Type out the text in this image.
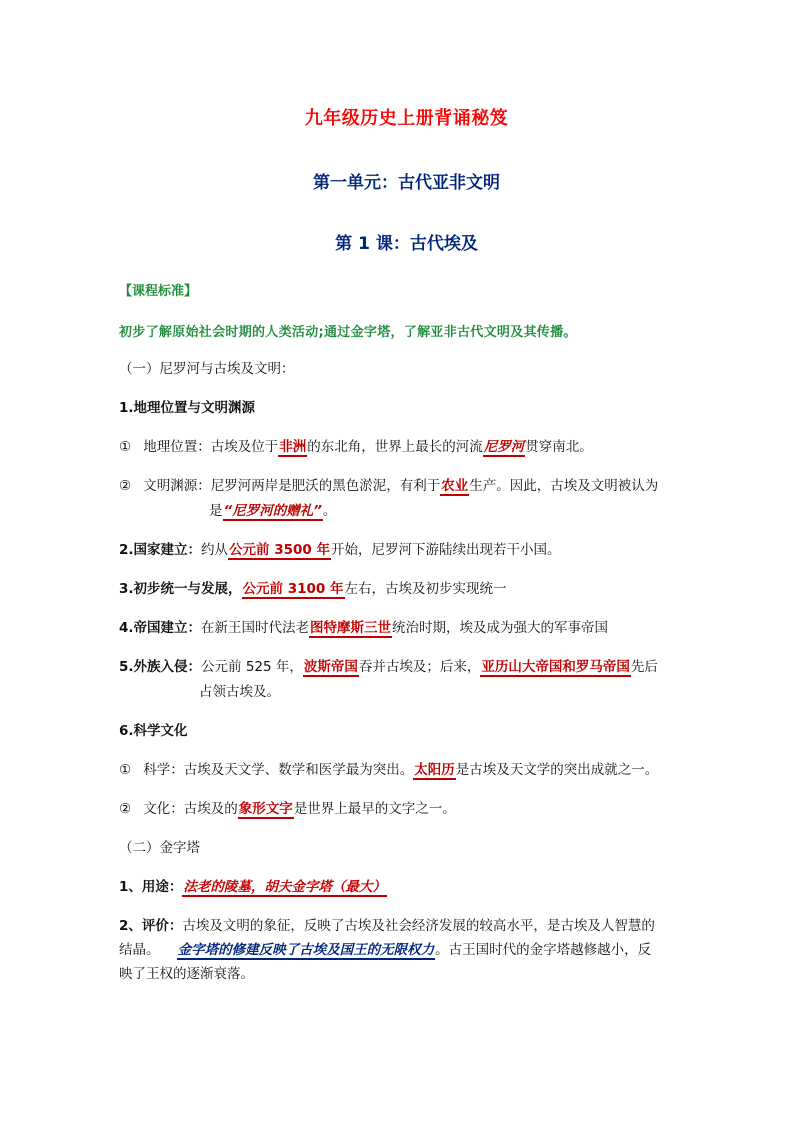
九年级历史上册背诵秘笈
第一单元：古代亚非文明
第 1 课：古代埃及
【课程标准】
初步了解原始社会时期的人类活动;通过金字塔，了解亚非古代文明及其传播。
（一）尼罗河与古埃及文明：
1.地理位置与文明渊源
① 地理位置：古埃及位于非洲的东北角，世界上最长的河流尼罗河贯穿南北。
② 文明渊源：尼罗河两岸是肥沃的黑色淤泥，有利于农业生产。因此，古埃及文明被认为
是“尼罗河的赠礼”。
2.国家建立：约从公元前 3500 年开始，尼罗河下游陆续出现若干小国。
3.初步统一与发展，公元前 3100 年左右，古埃及初步实现统一
4.帝国建立：在新王国时代法老图特摩斯三世统治时期，埃及成为强大的军事帝国
5.外族入侵：公元前 525 年，波斯帝国吞并古埃及；后来，亚历山大帝国和罗马帝国先后
占领古埃及。
6.科学文化
① 科学：古埃及天文学、数学和医学最为突出。太阳历是古埃及天文学的突出成就之一。
② 文化：古埃及的象形文字是世界上最早的文字之一。
（二）金字塔
1、用途：法老的陵墓，胡夫金字塔（最大）
2、评价：古埃及文明的象征，反映了古埃及社会经济发展的较高水平，是古埃及人智慧的
结晶。 金字塔的修建反映了古埃及国王的无限权力。古王国时代的金字塔越修越小，反
映了王权的逐渐衰落。
